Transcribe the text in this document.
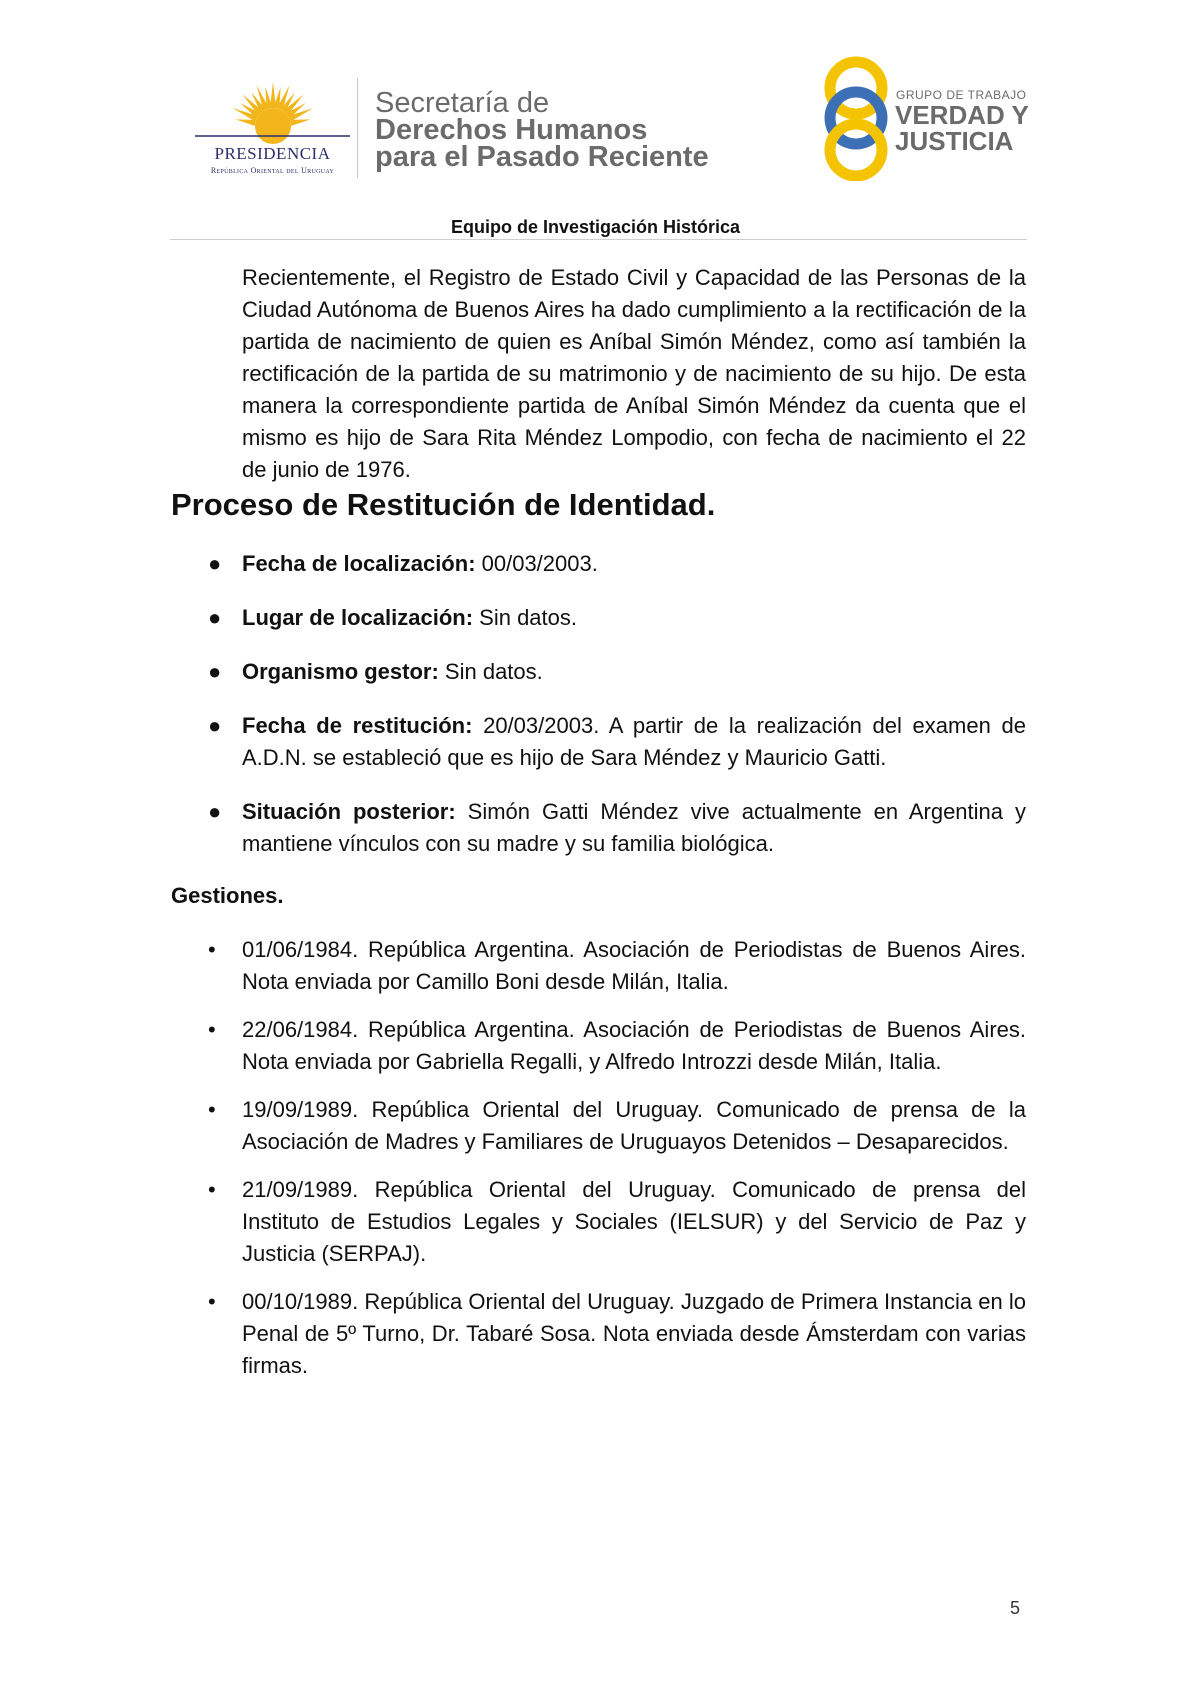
PRESIDENCIA
República Oriental del Uruguay
Secretaría de
Derechos Humanos
para el Pasado Reciente
GRUPO DE TRABAJO
VERDAD Y
JUSTICIA
Equipo de Investigación Histórica

Recientemente, el Registro de Estado Civil y Capacidad de las Personas de la Ciudad Autónoma de Buenos Aires ha dado cumplimiento a la rectificación de la partida de nacimiento de quien es Aníbal Simón Méndez, como así también la rectificación de la partida de su matrimonio y de nacimiento de su hijo. De esta manera la correspondiente partida de Aníbal Simón Méndez da cuenta que el mismo es hijo de Sara Rita Méndez Lompodio, con fecha de nacimiento el 22 de junio de 1976.

Proceso de Restitución de Identidad.
● Fecha de localización: 00/03/2003.
● Lugar de localización: Sin datos.
● Organismo gestor: Sin datos.
● Fecha de restitución: 20/03/2003. A partir de la realización del examen de A.D.N. se estableció que es hijo de Sara Méndez y Mauricio Gatti.
● Situación posterior: Simón Gatti Méndez vive actualmente en Argentina y mantiene vínculos con su madre y su familia biológica.
Gestiones.
•	01/06/1984. República Argentina. Asociación de Periodistas de Buenos Aires. Nota enviada por Camillo Boni desde Milán, Italia.
•	22/06/1984. República Argentina. Asociación de Periodistas de Buenos Aires. Nota enviada por Gabriella Regalli, y Alfredo Introzzi desde Milán, Italia.
•	19/09/1989. República Oriental del Uruguay. Comunicado de prensa de la Asociación de Madres y Familiares de Uruguayos Detenidos – Desaparecidos.
•	21/09/1989. República Oriental del Uruguay. Comunicado de prensa del Instituto de Estudios Legales y Sociales (IELSUR) y del Servicio de Paz y Justicia (SERPAJ).
•	00/10/1989. República Oriental del Uruguay. Juzgado de Primera Instancia en lo Penal de 5º Turno, Dr. Tabaré Sosa. Nota enviada desde Ámsterdam con varias firmas.
5
